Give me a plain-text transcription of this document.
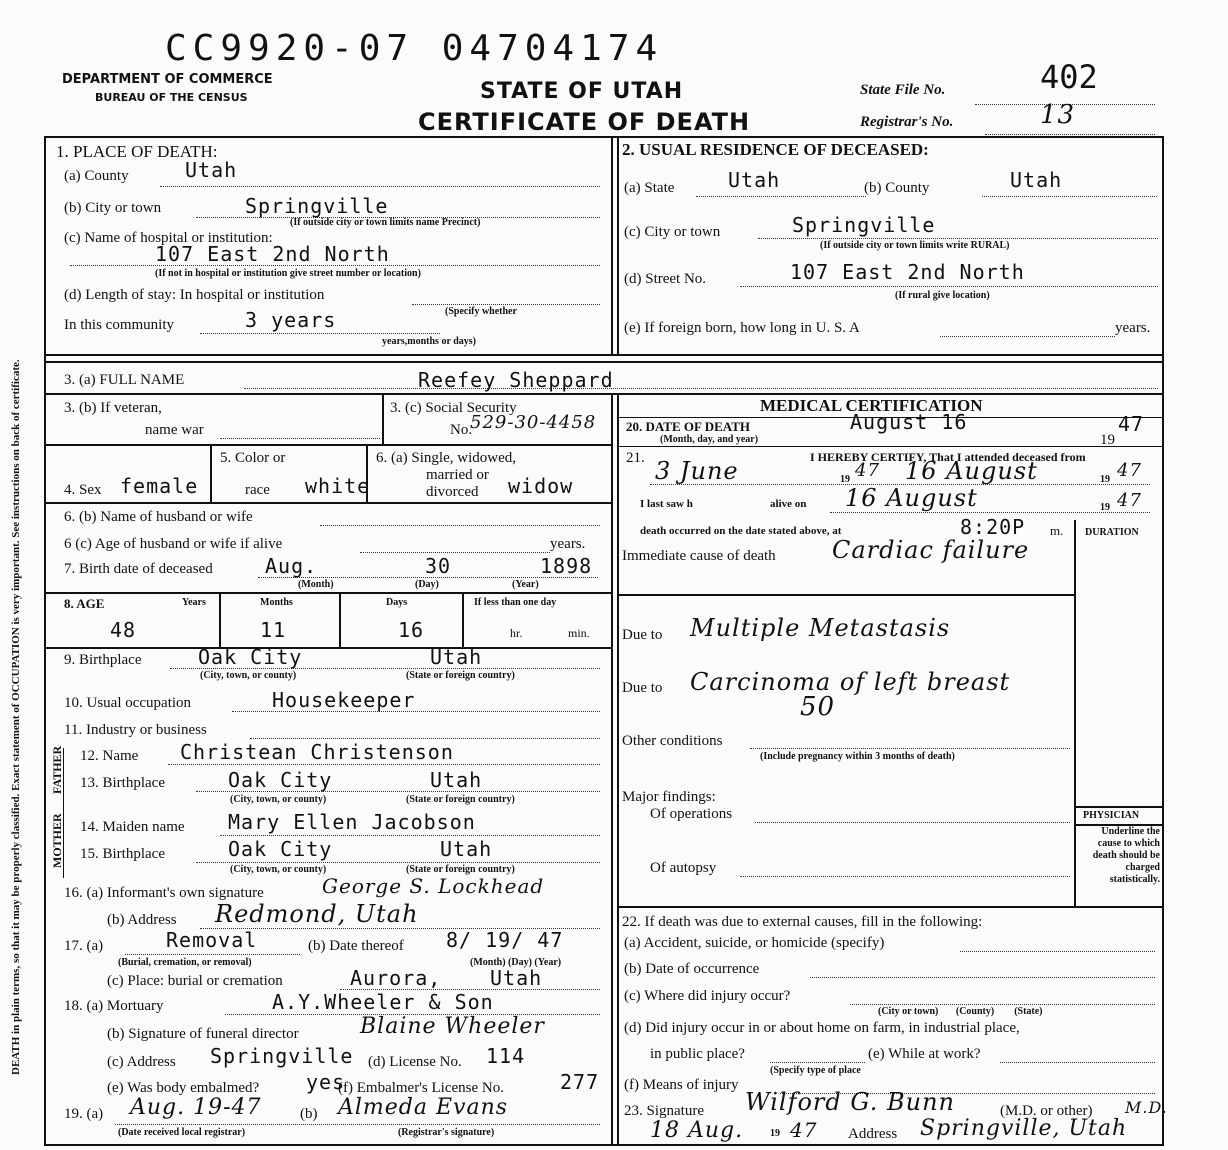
CC9920-07 04704174
DEPARTMENT OF COMMERCE
BUREAU OF THE CENSUS	STATE OF UTAH
CERTIFICATE OF DEATH
State File No.	402
Registrar's No.	13
DEATH in plain terms, so that it may be properly classified. Exact statement of OCCUPATION is very important. See instructions on back of certificate.
1. PLACE OF DEATH:
(a) County	Utah
(b) City or town	Springville
(If outside city or town limits name Precinct)
(c) Name of hospital or institution:
107 East 2nd North
(If not in hospital or institution give street number or location)
(d) Length of stay: In hospital or institution
In this community	3 years	(Specify whether
years,months or days)
2. USUAL RESIDENCE OF DECEASED:
(a) State	Utah	(b) County	Utah
(c) City or town	Springville
(If outside city or town limits write RURAL)
(d) Street No.	107 East 2nd North
(If rural give location)
(e) If foreign born, how long in U. S. A	years.
3. (a) FULL NAME	Reefey Sheppard
3. (b) If veteran,
name war
3. (c) Social Security
No.
529-30-4458
4. Sex female
5. Color or
race white
6. (a) Single, widowed,
married or
divorced widow
6. (b) Name of husband or wife
6 (c) Age of husband or wife if alive	years.
7. Birth date of deceased	Aug.	30	1898
(Month)	(Day)	(Year)
8. AGE	Years	Months	Days	If less than one day
48	11	16	hr.	min.
9. Birthplace	Oak City	Utah
(City, town, or county)	(State or foreign country)
10. Usual occupation	Housekeeper
11. Industry or business
FATHER
MOTHER
12. Name Christean Christenson
13. Birthplace	Oak City	Utah
(City, town, or county)	(State or foreign country)
14. Maiden name Mary Ellen Jacobson
15. Birthplace	Oak City	Utah
(City, town, or county)	(State or foreign country)
16. (a) Informant's own signature	George S. Lockhead
(b) Address Redmond, Utah
17. (a)	Removal
(Burial, cremation, or removal)
(b) Date thereof 8/ 19/ 47
(Month) (Day) (Year)
(c) Place: burial or cremation	Aurora, Utah
18. (a) Mortuary	A.Y.Wheeler & Son
(b) Signature of funeral director	Blaine Wheeler
(c) Address Springville (d) License No. 114
(e) Was body embalmed? yes
(f) Embalmer's License No.	277
19. (a) Aug. 19-47	(b) Almeda Evans
(Date received local registrar)	(Registrar's signature)
MEDICAL CERTIFICATION
20. DATE OF DEATH
(Month, day, and year)
August 16
19
47
21.	I HEREBY CERTIFY, That I attended deceased from
3 June	19 47 16 August	19 47
I last saw h	alive on 16 August	19 47
death occurred on the date stated above, at	8:20P m. DURATION
Immediate cause of death Cardiac failure
Due to Multiple Metastasis
Due to Carcinoma of left breast
50
Other conditions
(Include pregnancy within 3 months of death)
Major findings:
Of operations
Of autopsy
PHYSICIAN
Underline the cause to which death should be charged statistically.
22. If death was due to external causes, fill in the following:
(a) Accident, suicide, or homicide (specify)
(b) Date of occurrence
(c) Where did injury occur?
(City or town)       (County)        (State)
(d) Did injury occur in or about home on farm, in industrial place,
in public place?	(e) While at work?
(Specify type of place
(f) Means of injury
23. Signature Wilford G. Bunn	(M.D. or other) M.D.
18 Aug.	19 47 Address Springville, Utah
